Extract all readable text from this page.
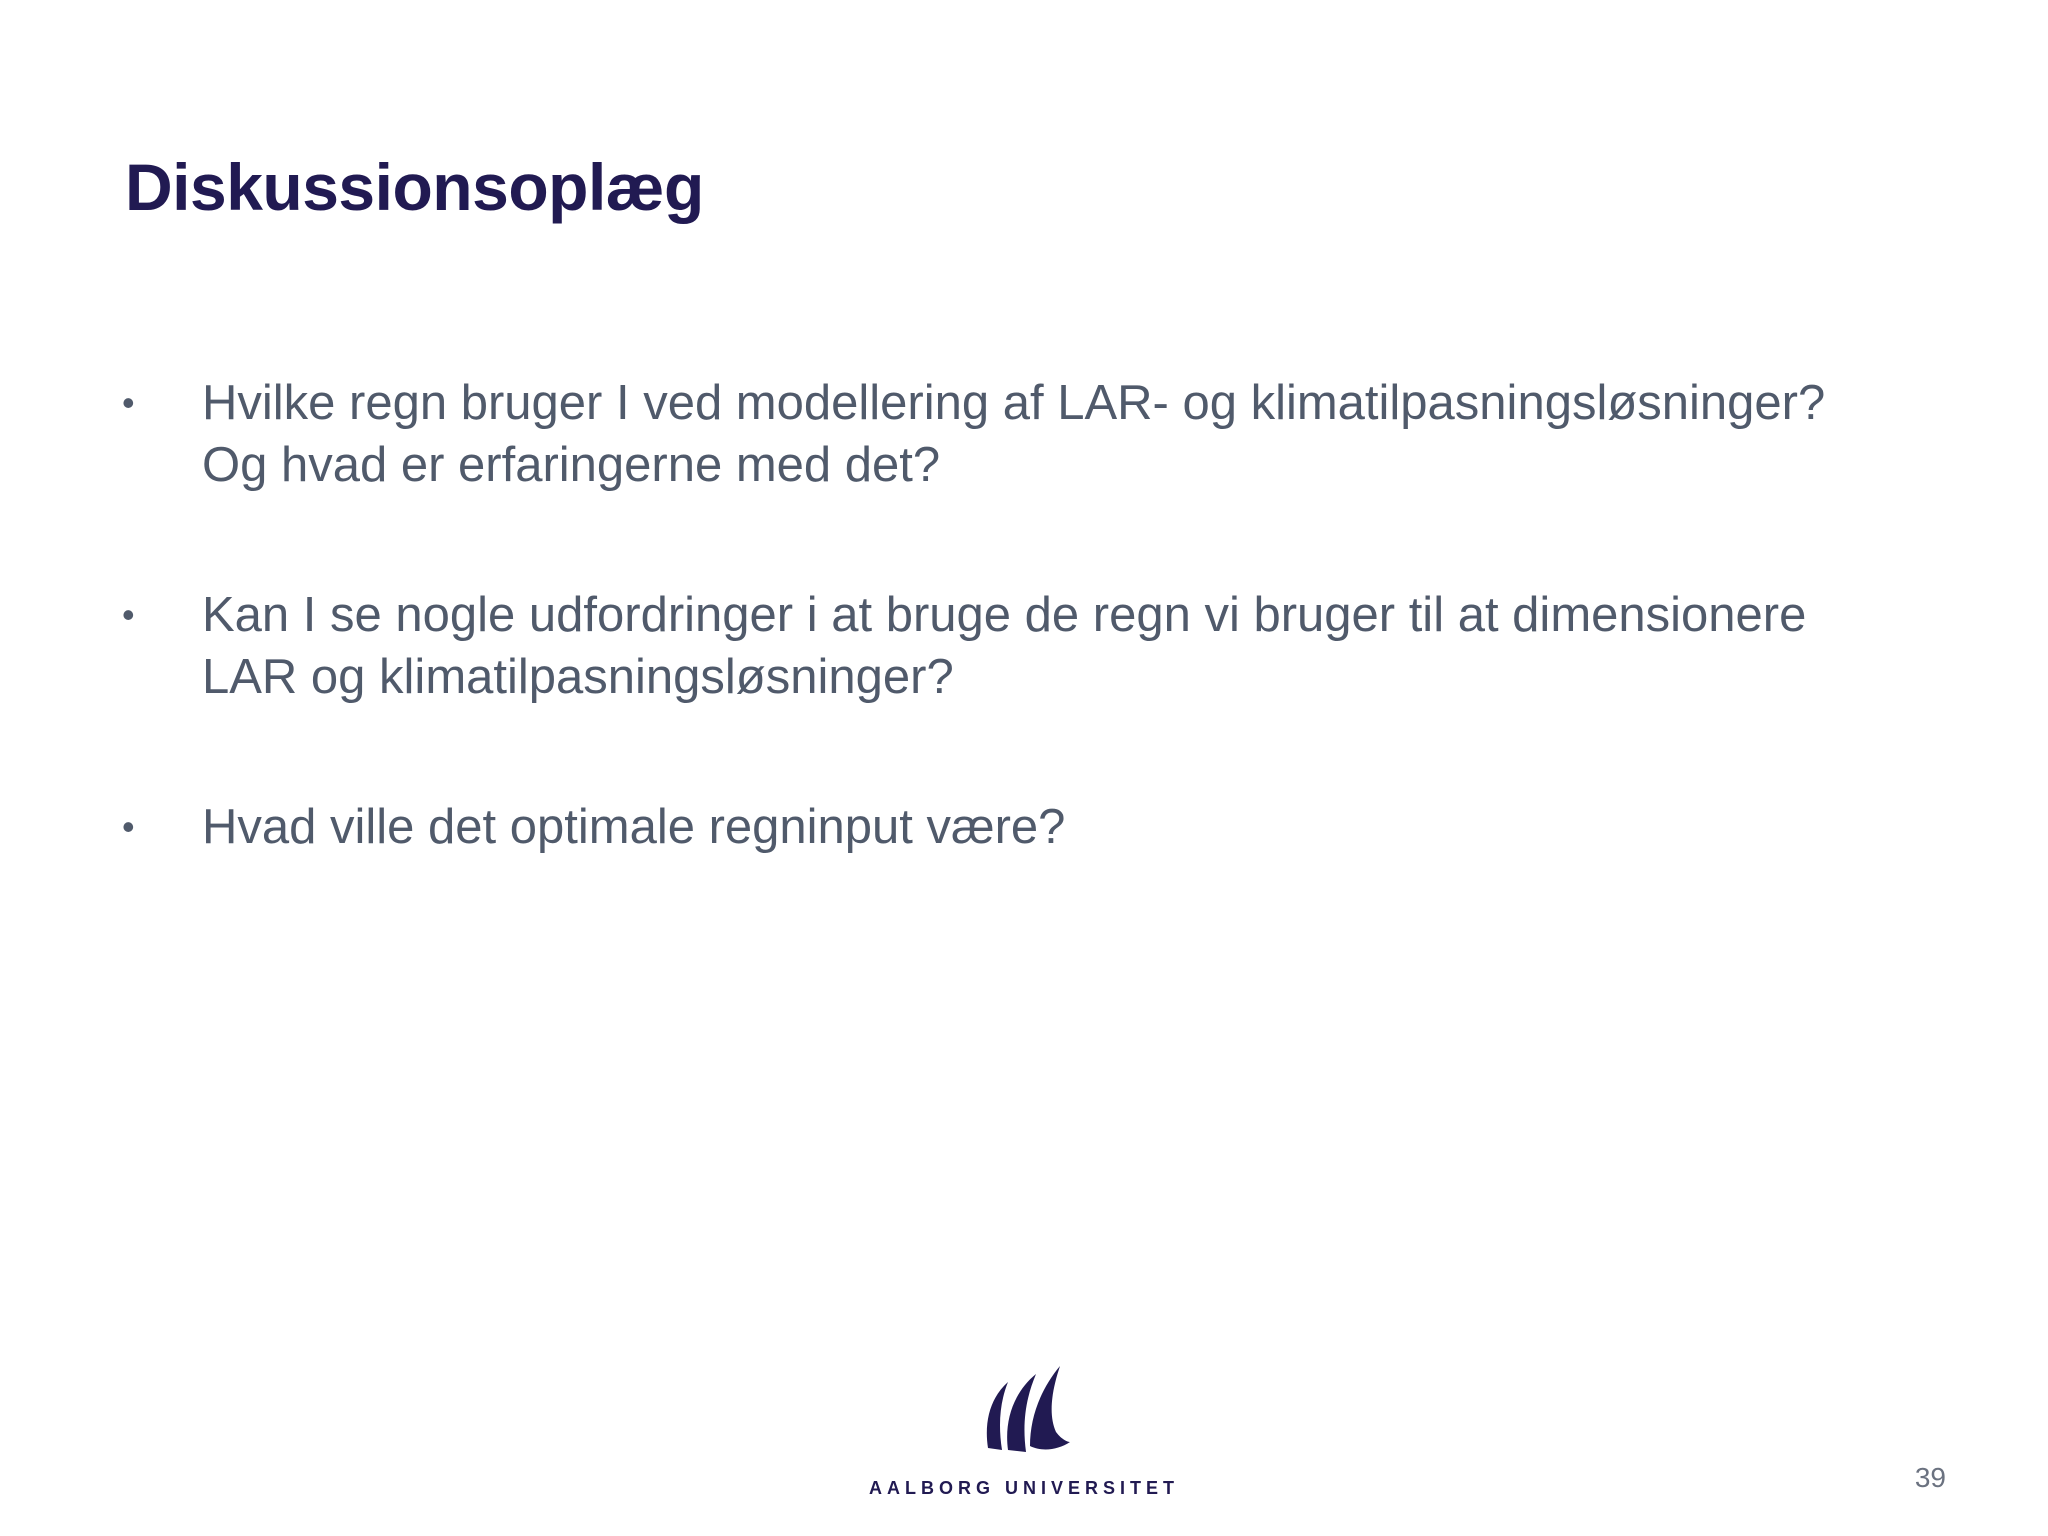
Diskussionsoplæg
• Hvilke regn bruger I ved modellering af LAR- og klimatilpasningsløsninger?
Og hvad er erfaringerne med det?
• Kan I se nogle udfordringer i at bruge de regn vi bruger til at dimensionere
LAR og klimatilpasningsløsninger?
• Hvad ville det optimale regninput være?
AALBORG UNIVERSITET	39
